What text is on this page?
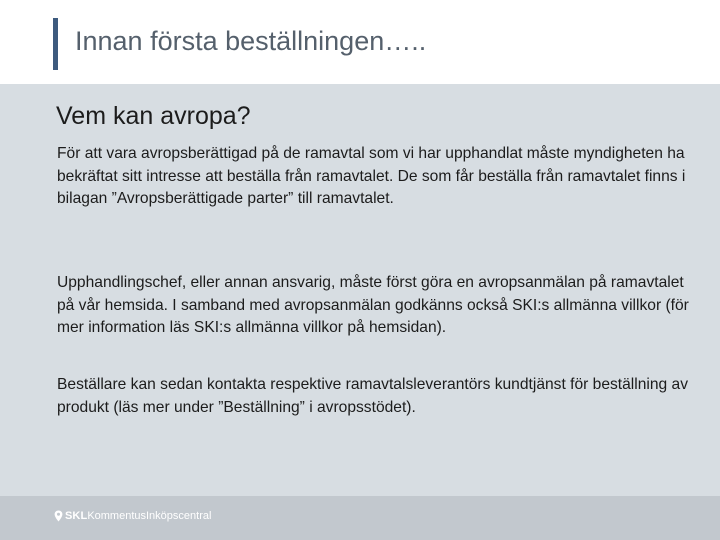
Innan första beställningen…..
Vem kan avropa?

För att vara avropsberättigad på de ramavtal som vi har upphandlat måste myndigheten ha bekräftat sitt intresse att beställa från ramavtalet. De som får beställa från ramavtalet finns i bilagan ”Avropsberättigade parter” till ramavtalet.

Upphandlingschef, eller annan ansvarig, måste först göra en avropsanmälan på ramavtalet på vår hemsida. I samband med avropsanmälan godkänns också SKI:s allmänna villkor (för mer information läs SKI:s allmänna villkor på hemsidan).

Beställare kan sedan kontakta respektive ramavtalsleverantörs kundtjänst för beställning av produkt (läs mer under ”Beställning” i avropsstödet).

SKL KommentusInköpscentral
